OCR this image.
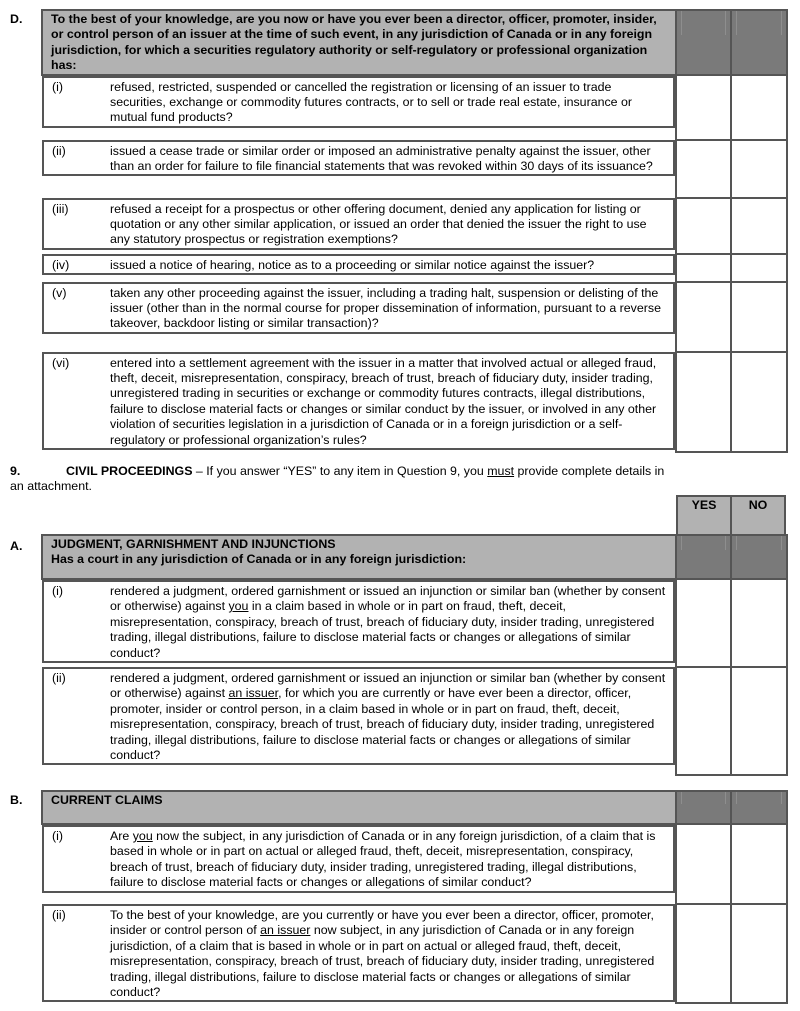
D. To the best of your knowledge, are you now or have you ever been a director, officer, promoter, insider, or control person of an issuer at the time of such event, in any jurisdiction of Canada or in any foreign jurisdiction, for which a securities regulatory authority or self-regulatory or professional organization has:	

(i)	refused, restricted, suspended or cancelled the registration or licensing of an issuer to trade securities, exchange or commodity futures contracts, or to sell or trade real estate, insurance or mutual fund products?

(ii)	issued a cease trade or similar order or imposed an administrative penalty against the issuer, other than an order for failure to file financial statements that was revoked within 30 days of its issuance?

(iii)	refused a receipt for a prospectus or other offering document, denied any application for listing or quotation or any other similar application, or issued an order that denied the issuer the right to use any statutory prospectus or registration exemptions?

(iv)	issued a notice of hearing, notice as to a proceeding or similar notice against the issuer?

(v)	taken any other proceeding against the issuer, including a trading halt, suspension or delisting of the issuer (other than in the normal course for proper dissemination of information, pursuant to a reverse takeover, backdoor listing or similar transaction)?

(vi)	entered into a settlement agreement with the issuer in a matter that involved actual or alleged fraud, theft, deceit, misrepresentation, conspiracy, breach of trust, breach of fiduciary duty, insider trading, unregistered trading in securities or exchange or commodity futures contracts, illegal distributions, failure to disclose material facts or changes or similar conduct by the issuer, or involved in any other violation of securities legislation in a jurisdiction of Canada or in a foreign jurisdiction or a self-regulatory or professional organization’s rules?

9.	CIVIL PROCEEDINGS – If you answer “YES” to any item in Question 9, you must provide complete details in an attachment.
YES	NO
A. JUDGMENT, GARNISHMENT AND INJUNCTIONS
Has a court in any jurisdiction of Canada or in any foreign jurisdiction:		

(i)	rendered a judgment, ordered garnishment or issued an injunction or similar ban (whether by consent or otherwise) against you in a claim based in whole or in part on fraud, theft, deceit, misrepresentation, conspiracy, breach of trust, breach of fiduciary duty, insider trading, unregistered trading, illegal distributions, failure to disclose material facts or changes or allegations of similar conduct?

(ii)	rendered a judgment, ordered garnishment or issued an injunction or similar ban (whether by consent or otherwise) against an issuer, for which you are currently or have ever been a director, officer, promoter, insider or control person, in a claim based in whole or in part on fraud, theft, deceit, misrepresentation, conspiracy, breach of trust, breach of fiduciary duty, insider trading, unregistered trading, illegal distributions, failure to disclose material facts or changes or allegations of similar conduct?

B. CURRENT CLAIMS	

(i)	Are you now the subject, in any jurisdiction of Canada or in any foreign jurisdiction, of a claim that is based in whole or in part on actual or alleged fraud, theft, deceit, misrepresentation, conspiracy, breach of trust, breach of fiduciary duty, insider trading, unregistered trading, illegal distributions, failure to disclose material facts or changes or allegations of similar conduct?

(ii)	To the best of your knowledge, are you currently or have you ever been a director, officer, promoter, insider or control person of an issuer now subject, in any jurisdiction of Canada or in any foreign jurisdiction, of a claim that is based in whole or in part on actual or alleged fraud, theft, deceit, misrepresentation, conspiracy, breach of trust, breach of fiduciary duty, insider trading, unregistered trading, illegal distributions, failure to disclose material facts or changes or allegations of similar conduct?
